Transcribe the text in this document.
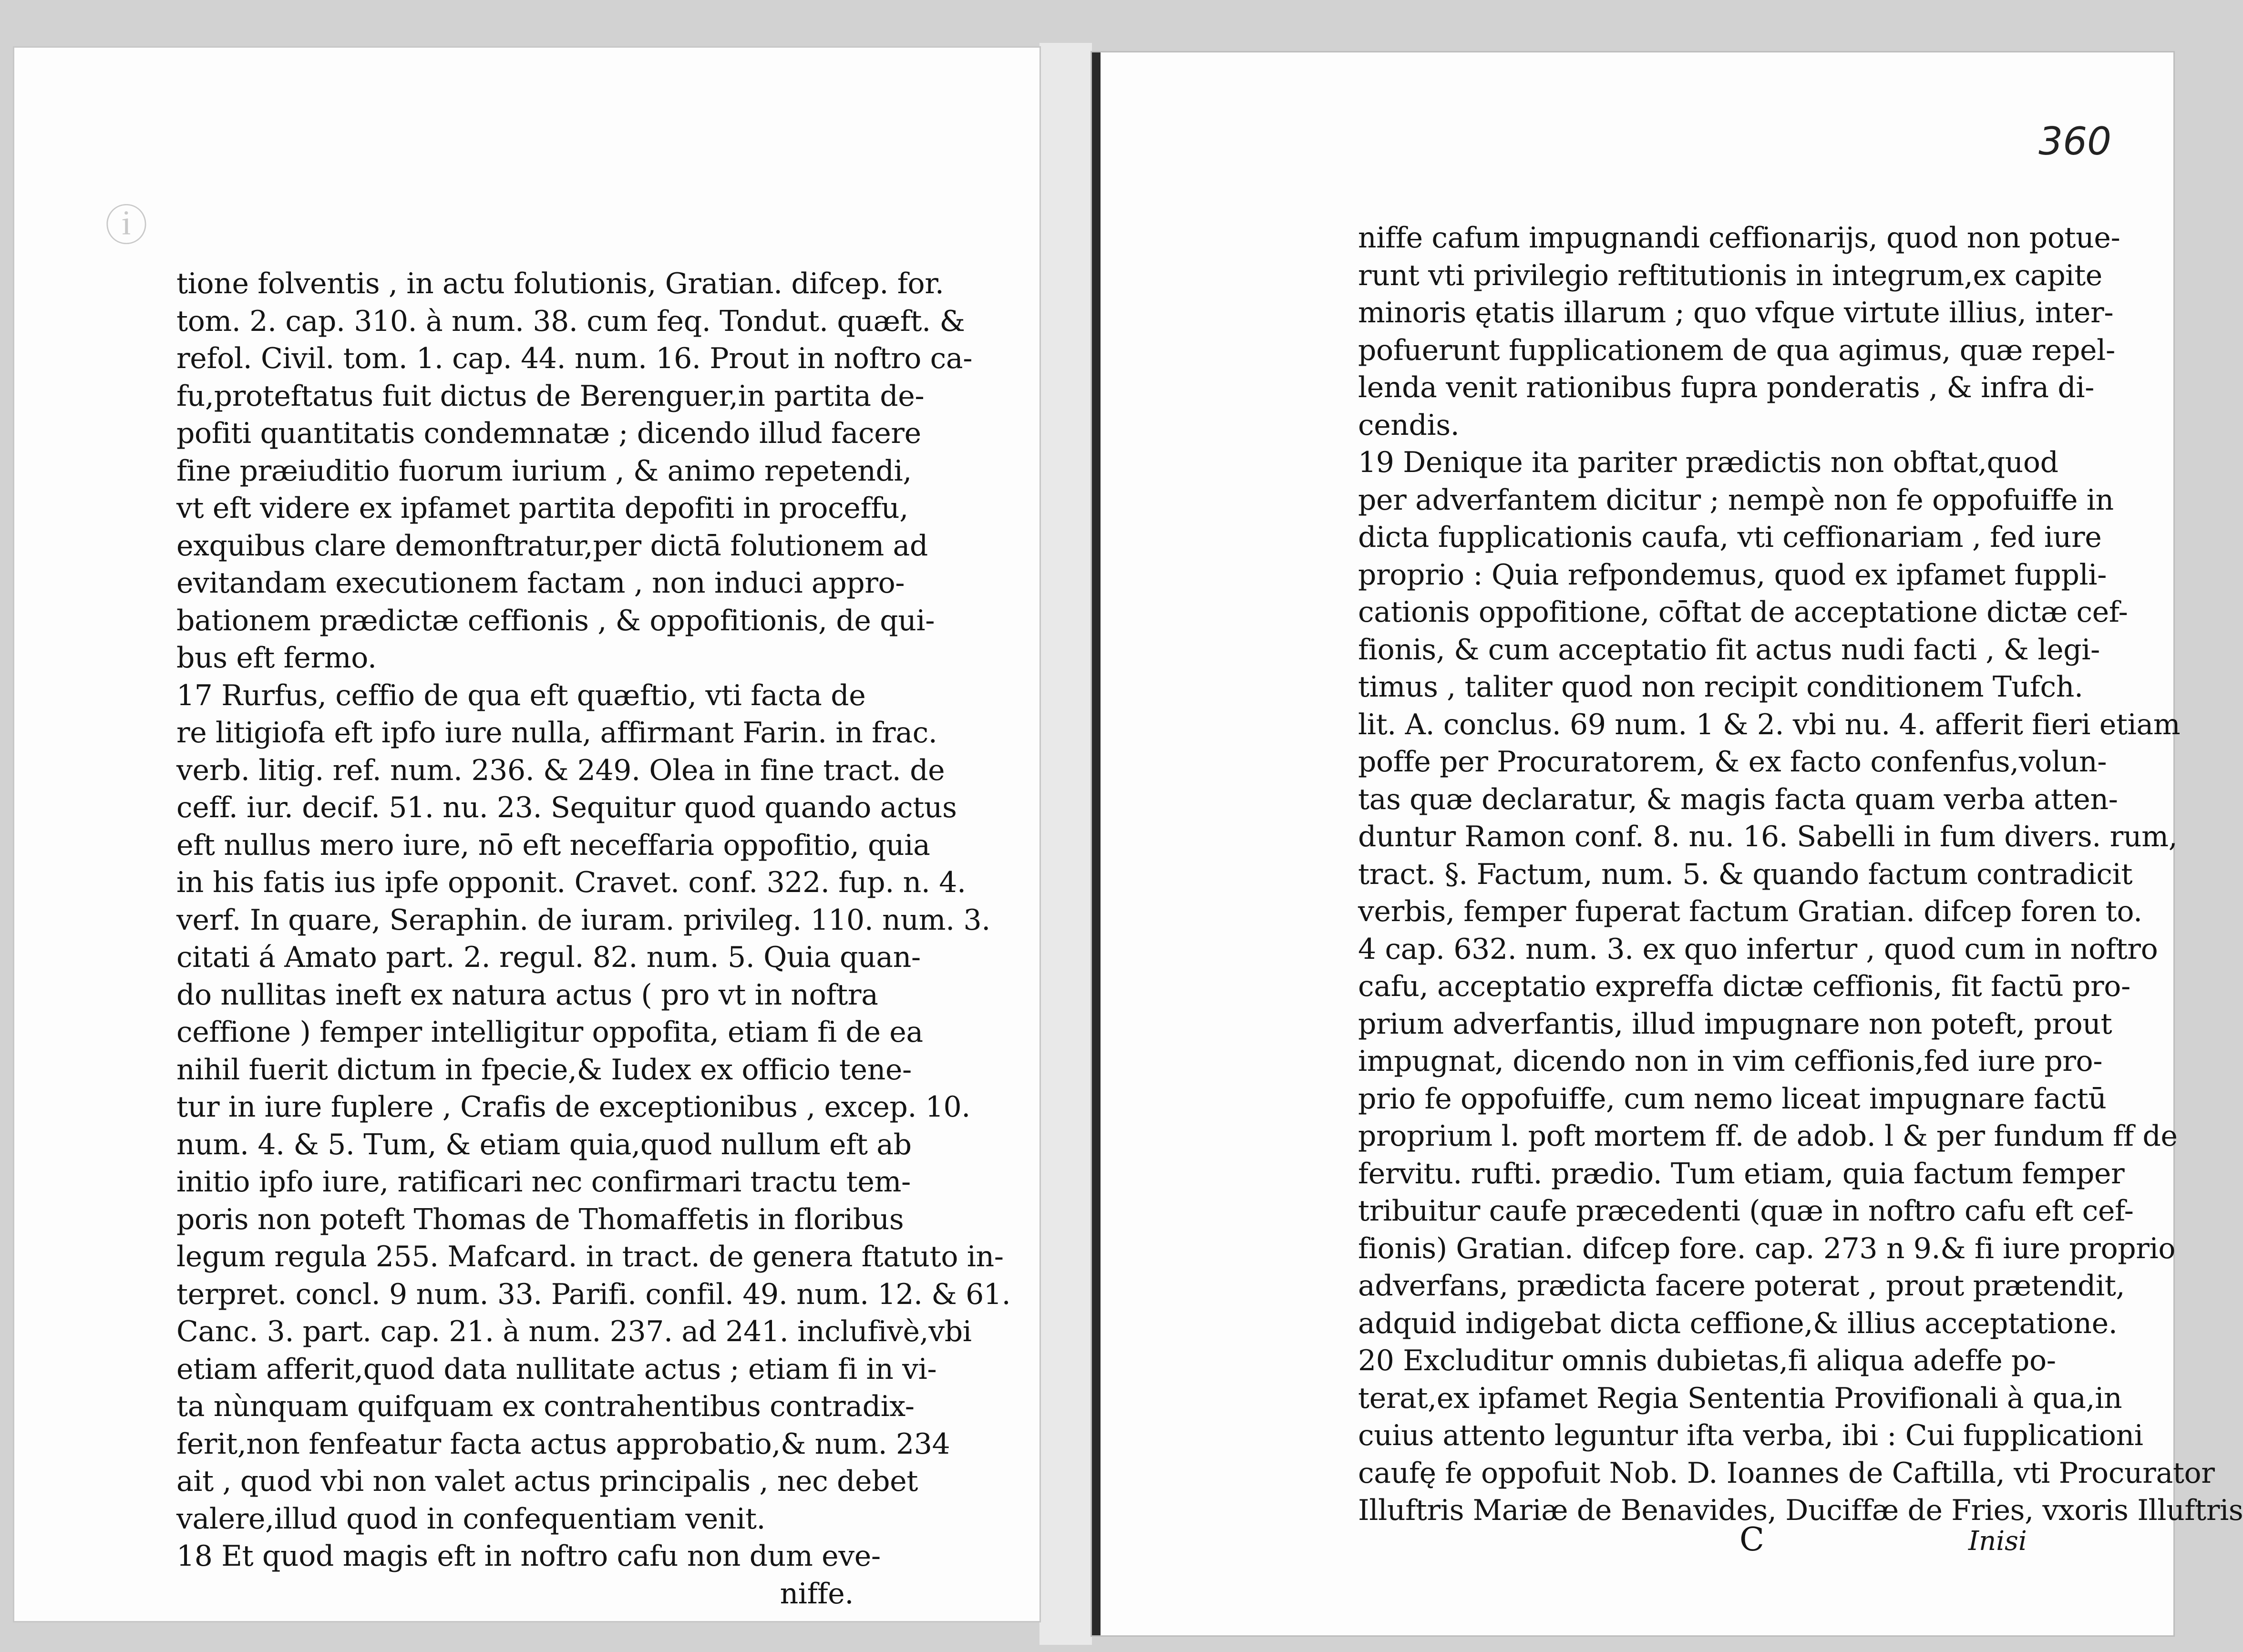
ⓘ
tione folventis , in actu folutionis, Gratian. difcep. for.
tom. 2. cap. 310. à num. 38. cum feq. Tondut. quæft. &
refol. Civil. tom. 1. cap. 44. num. 16. Prout in noftro ca-
fu,proteftatus fuit dictus de Berenguer,in partita de-
pofiti quantitatis condemnatæ ; dicendo illud facere
fine præiuditio fuorum iurium , & animo repetendi,
vt eft videre ex ipfamet partita depofiti in proceffu,
exquibus clare demonftratur,per dictā folutionem ad
evitandam executionem factam , non induci appro-
bationem prædictæ ceffionis , & oppofitionis, de qui-
bus eft fermo.
17 Rurfus, ceffio de qua eft quæftio, vti facta de
re litigiofa eft ipfo iure nulla, affirmant Farin. in frac.
verb. litig. ref. num. 236. & 249. Olea in fine tract. de
ceff. iur. decif. 51. nu. 23. Sequitur quod quando actus
eft nullus mero iure, nō eft neceffaria oppofitio, quia
in his fatis ius ipfe opponit. Cravet. conf. 322. fup. n. 4.
verf. In quare, Seraphin. de iuram. privileg. 110. num. 3.
citati á Amato part. 2. regul. 82. num. 5. Quia quan-
do nullitas ineft ex natura actus ( pro vt in noftra
ceffione ) femper intelligitur oppofita, etiam fi de ea
nihil fuerit dictum in fpecie,& Iudex ex officio tene-
tur in iure fuplere , Crafis de exceptionibus , excep. 10.
num. 4. & 5. Tum, & etiam quia,quod nullum eft ab
initio ipfo iure, ratificari nec confirmari tractu tem-
poris non poteft Thomas de Thomaffetis in floribus
legum regula 255. Mafcard. in tract. de genera ftatuto in-
terpret. concl. 9 num. 33. Parifi. confil. 49. num. 12. & 61.
Canc. 3. part. cap. 21. à num. 237. ad 241. inclufivè,vbi
etiam afferit,quod data nullitate actus ; etiam fi in vi-
ta nùnquam quifquam ex contrahentibus contradix-
ferit,non fenfeatur facta actus approbatio,& num. 234
ait , quod vbi non valet actus principalis , nec debet
valere,illud quod in confequentiam venit.
18 Et quod magis eft in noftro cafu non dum eve-
niffe.
360
niffe cafum impugnandi ceffionarijs, quod non potue-
runt vti privilegio reftitutionis in integrum,ex capite
minoris ętatis illarum ; quo vfque virtute illius, inter-
pofuerunt fupplicationem de qua agimus, quæ repel-
lenda venit rationibus fupra ponderatis , & infra di-
cendis.
19 Denique ita pariter prædictis non obftat,quod
per adverfantem dicitur ; nempè non fe oppofuiffe in
dicta fupplicationis caufa, vti ceffionariam , fed iure
proprio : Quia refpondemus, quod ex ipfamet fuppli-
cationis oppofitione, cōftat de acceptatione dictæ cef-
fionis, & cum acceptatio fit actus nudi facti , & legi-
timus , taliter quod non recipit conditionem Tufch.
lit. A. conclus. 69 num. 1 & 2. vbi nu. 4. afferit fieri etiam
poffe per Procuratorem, & ex facto confenfus,volun-
tas quæ declaratur, & magis facta quam verba atten-
duntur Ramon conf. 8. nu. 16. Sabelli in fum divers. rum,
tract. §. Factum, num. 5. & quando factum contradicit
verbis, femper fuperat factum Gratian. difcep foren to.
4 cap. 632. num. 3. ex quo infertur , quod cum in noftro
cafu, acceptatio expreffa dictæ ceffionis, fit factū pro-
prium adverfantis, illud impugnare non poteft, prout
impugnat, dicendo non in vim ceffionis,fed iure pro-
prio fe oppofuiffe, cum nemo liceat impugnare factū
proprium l. poft mortem ff. de adob. l & per fundum ff de
fervitu. rufti. prædio. Tum etiam, quia factum femper
tribuitur caufe præcedenti (quæ in noftro cafu eft cef-
fionis) Gratian. difcep fore. cap. 273 n 9.& fi iure proprio
adverfans, prædicta facere poterat , prout prætendit,
adquid indigebat dicta ceffione,& illius acceptatione.
20 Excluditur omnis dubietas,fi aliqua adeffe po-
terat,ex ipfamet Regia Sententia Provifionali à qua,in
cuius attento leguntur ifta verba, ibi : Cui fupplicationi
caufę fe oppofuit Nob. D. Ioannes de Caftilla, vti Procurator
Illuftris Mariæ de Benavides, Duciffæ de Fries, vxoris Illuftris
C	Inisi
